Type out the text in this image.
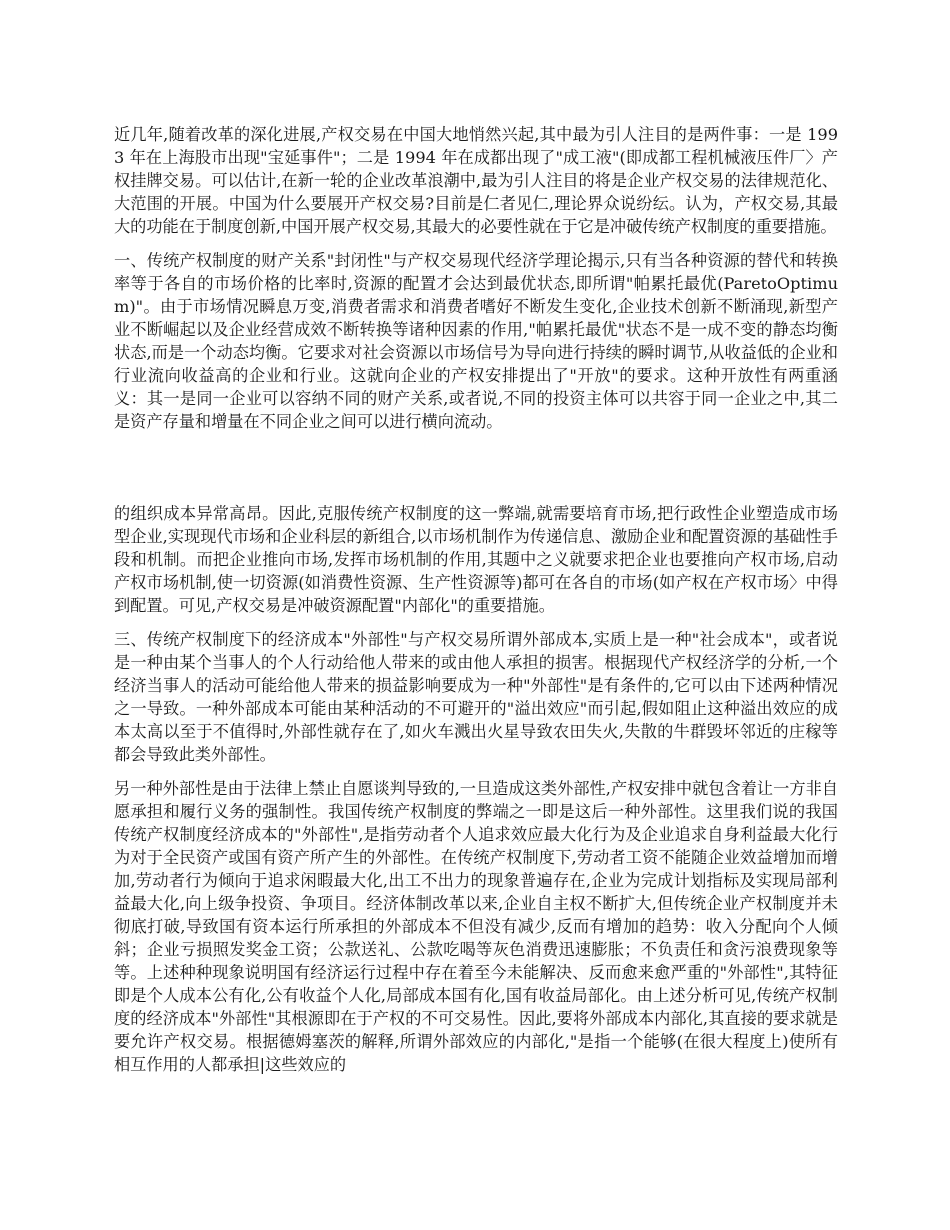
近几年,随着改革的深化进展,产权交易在中国大地悄然兴起,其中最为引人注目的是两件事：一是 1993 年在上海股市出现"宝延事件"；二是 1994 年在成都出现了"成工液"(即成都工程机械液压件厂〉产权挂牌交易。可以估计,在新一轮的企业改革浪潮中,最为引人注目的将是企业产权交易的法律规范化、大范围的开展。中国为什么要展开产权交易?目前是仁者见仁,理论界众说纷纭。认为，产权交易,其最大的功能在于制度创新,中国开展产权交易,其最大的必要性就在于它是冲破传统产权制度的重要措施。

一、传统产权制度的财产关系"封闭性"与产权交易现代经济学理论揭示,只有当各种资源的替代和转换率等于各自的市场价格的比率时,资源的配置才会达到最优状态,即所谓"帕累托最优(ParetoOptimum)"。由于市场情况瞬息万变,消费者需求和消费者嗜好不断发生变化,企业技术创新不断涌现,新型产业不断崛起以及企业经营成效不断转换等诸种因素的作用,"帕累托最优"状态不是一成不变的静态均衡状态,而是一个动态均衡。它要求对社会资源以市场信号为导向进行持续的瞬时调节,从收益低的企业和行业流向收益高的企业和行业。这就向企业的产权安排提出了"开放"的要求。这种开放性有两重涵义：其一是同一企业可以容纳不同的财产关系,或者说,不同的投资主体可以共容于同一企业之中,其二是资产存量和增量在不同企业之间可以进行横向流动。

的组织成本异常高昂。因此,克服传统产权制度的这一弊端,就需要培育市场,把行政性企业塑造成市场型企业,实现现代市场和企业科层的新组合,以市场机制作为传递信息、激励企业和配置资源的基础性手段和机制。而把企业推向市场,发挥市场机制的作用,其题中之义就要求把企业也要推向产权市场,启动产权市场机制,使一切资源(如消费性资源、生产性资源等)都可在各自的市场(如产权在产权市场〉中得到配置。可见,产权交易是冲破资源配置"内部化"的重要措施。

三、传统产权制度下的经济成本"外部性"与产权交易所谓外部成本,实质上是一种"社会成本"，或者说是一种由某个当事人的个人行动给他人带来的或由他人承担的损害。根据现代产权经济学的分析,一个经济当事人的活动可能给他人带来的损益影响要成为一种"外部性"是有条件的,它可以由下述两种情况之一导致。一种外部成本可能由某种活动的不可避开的"溢出效应"而引起,假如阻止这种溢出效应的成本太高以至于不值得时,外部性就存在了,如火车溅出火星导致农田失火,失散的牛群毁坏邻近的庄稼等都会导致此类外部性。

另一种外部性是由于法律上禁止自愿谈判导致的,一旦造成这类外部性,产权安排中就包含着让一方非自愿承担和履行义务的强制性。我国传统产权制度的弊端之一即是这后一种外部性。这里我们说的我国传统产权制度经济成本的"外部性",是指劳动者个人追求效应最大化行为及企业追求自身利益最大化行为对于全民资产或国有资产所产生的外部性。在传统产权制度下,劳动者工资不能随企业效益增加而增加,劳动者行为倾向于追求闲暇最大化,出工不出力的现象普遍存在,企业为完成计划指标及实现局部利益最大化,向上级争投资、争项目。经济体制改革以来,企业自主权不断扩大,但传统企业产权制度并未彻底打破,导致国有资本运行所承担的外部成本不但没有减少,反而有增加的趋势：收入分配向个人倾斜；企业亏损照发奖金工资；公款送礼、公款吃喝等灰色消费迅速膨胀；不负责任和贪污浪费现象等等。上述种种现象说明国有经济运行过程中存在着至今未能解决、反而愈来愈严重的"外部性",其特征即是个人成本公有化,公有收益个人化,局部成本国有化,国有收益局部化。由上述分析可见,传统产权制度的经济成本"外部性"其根源即在于产权的不可交易性。因此,要将外部成本内部化,其直接的要求就是要允许产权交易。根据德姆塞茨的解释,所谓外部效应的内部化,"是指一个能够(在很大程度上)使所有相互作用的人都承担|这些效应的
